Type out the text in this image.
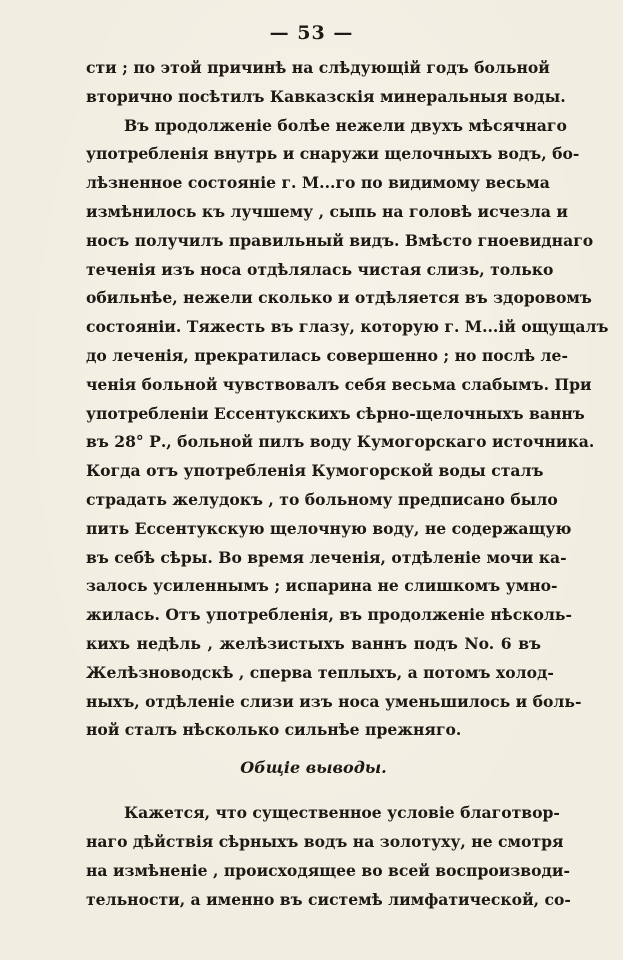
— 53 —
сти ; по этой причинѣ на слѣдующій годъ больной
вторично посѣтилъ Кавказскія минеральныя воды.
Въ продолженіе болѣе нежели двухъ мѣсячнаго
употребленія внутрь и снаружи щелочныхъ водъ, бо-
лѣзненное состояніе г. М...го по видимому весьма
измѣнилось къ лучшему , сыпь на головѣ исчезла и
носъ получилъ правильный видъ. Вмѣсто гноевиднаго
теченія изъ носа отдѣлялась чистая слизь, только
обильнѣе, нежели сколько и отдѣляется въ здоровомъ
состояніи. Тяжесть въ глазу, которую г. М...ій ощущалъ
до леченія, прекратилась совершенно ; но послѣ ле-
ченія больной чувствовалъ себя весьма слабымъ. При
употребленіи Ессентукскихъ сѣрно-щелочныхъ ваннъ
въ 28° Р., больной пилъ воду Кумогорскаго источника.
Когда отъ употребленія Кумогорской воды сталъ
страдать желудокъ , то больному предписано было
пить Ессентукскую щелочную воду, не содержащую
въ себѣ сѣры. Во время леченія, отдѣленіе мочи ка-
залось усиленнымъ ; испарина не слишкомъ умно-
жилась. Отъ употребленія, въ продолженіе нѣсколь-
кихъ недѣль , желѣзистыхъ ваннъ подъ No. 6 въ
Желѣзноводскѣ , сперва теплыхъ, а потомъ холод-
ныхъ, отдѣленіе слизи изъ носа уменьшилось и боль-
ной сталъ нѣсколько сильнѣе прежняго.
Общіе выводы.
Кажется, что существенное условіе благотвор-
наго дѣйствія сѣрныхъ водъ на золотуху, не смотря
на измѣненіе , происходящее во всей воспроизводи-
тельности, а именно въ системѣ лимфатической, со-
